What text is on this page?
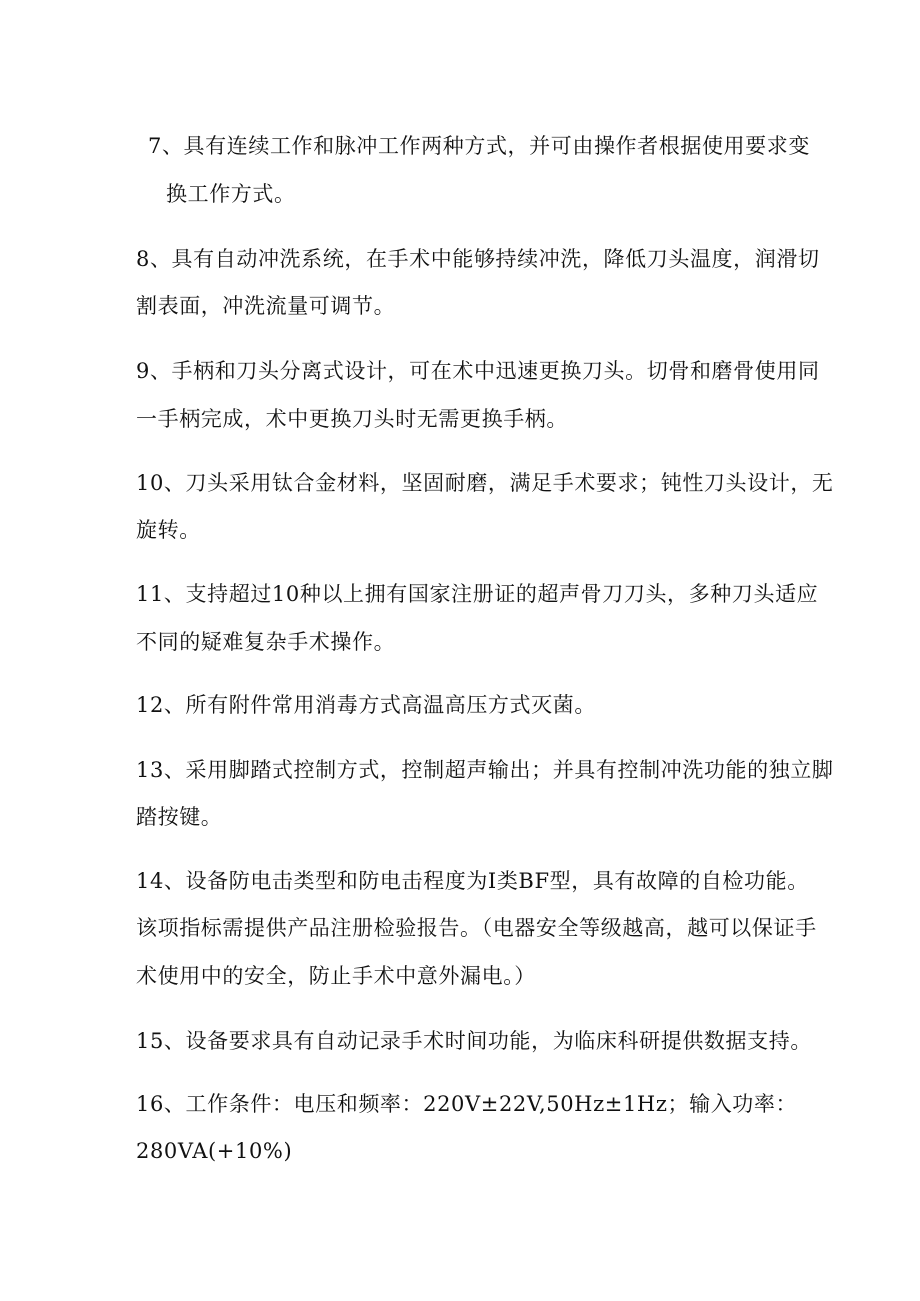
7、具有连续工作和脉冲工作两种方式，并可由操作者根据使用要求变
换工作方式。
8、具有自动冲洗系统，在手术中能够持续冲洗，降低刀头温度，润滑切
割表面，冲洗流量可调节。
9、手柄和刀头分离式设计，可在术中迅速更换刀头。切骨和磨骨使用同
一手柄完成，术中更换刀头时无需更换手柄。
10、刀头采用钛合金材料，坚固耐磨，满足手术要求；钝性刀头设计，无
旋转。
11、支持超过10种以上拥有国家注册证的超声骨刀刀头，多种刀头适应
不同的疑难复杂手术操作。
12、所有附件常用消毒方式高温高压方式灭菌。
13、采用脚踏式控制方式，控制超声输出；并具有控制冲洗功能的独立脚
踏按键。
14、设备防电击类型和防电击程度为Ⅰ类BF型，具有故障的自检功能。
该项指标需提供产品注册检验报告。（电器安全等级越高，越可以保证手
术使用中的安全，防止手术中意外漏电。）
15、设备要求具有自动记录手术时间功能，为临床科研提供数据支持。
16、工作条件：电压和频率：220V±22V,50Hz±1Hz；输入功率：
280VA(+10%)
